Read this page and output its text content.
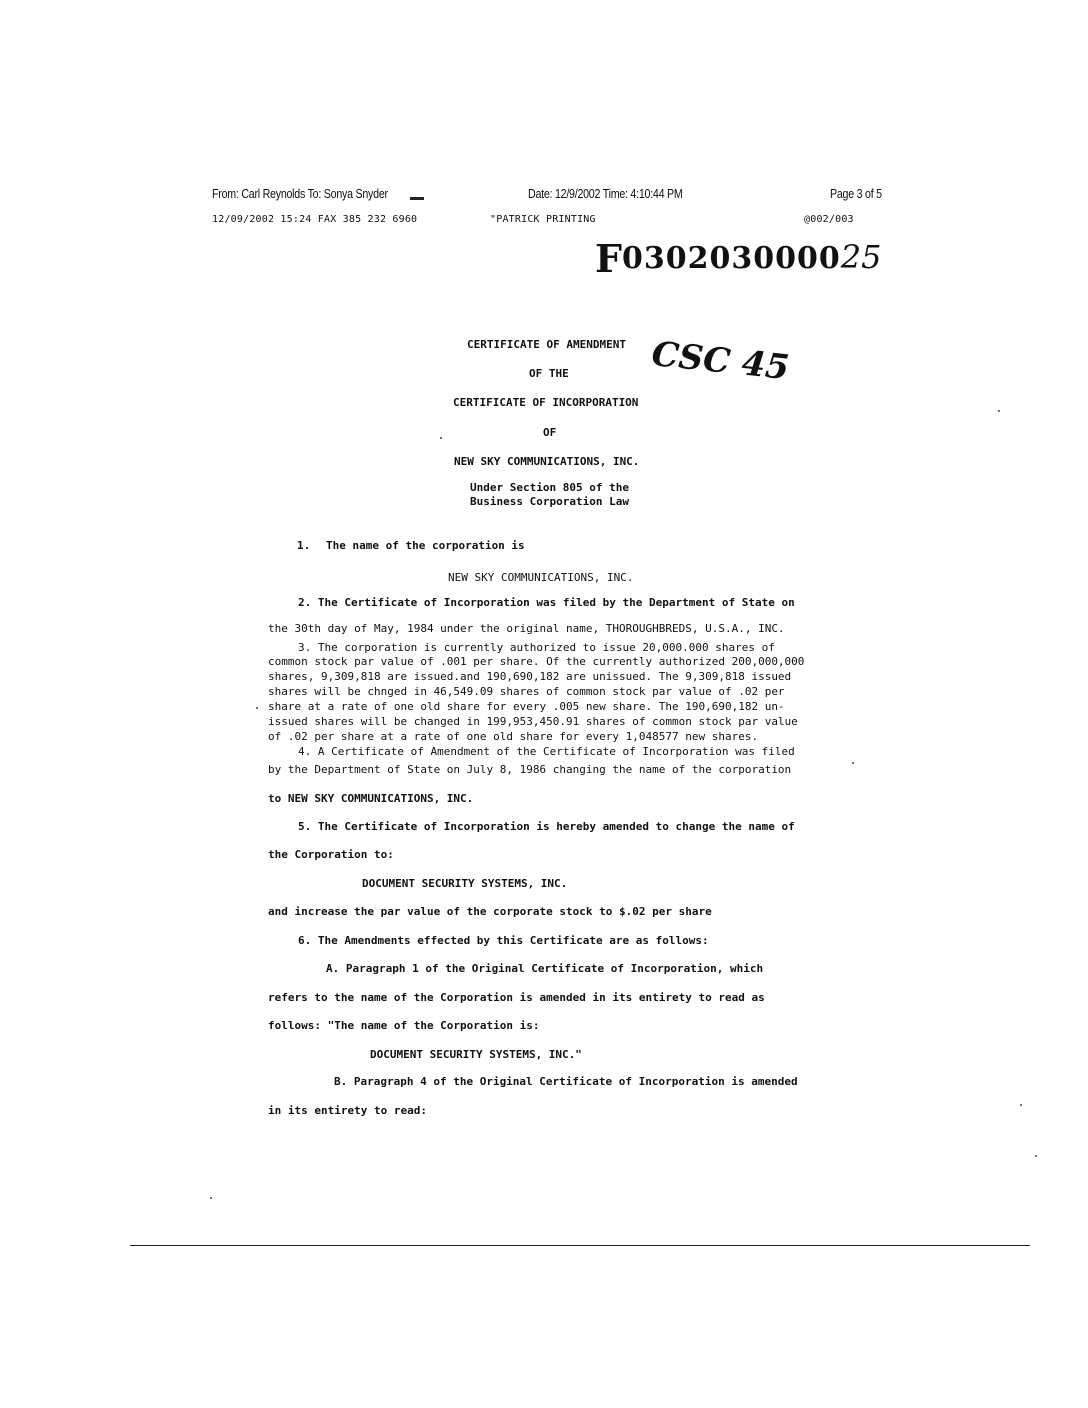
From: Carl Reynolds To: Sonya Snyder	Date: 12/9/2002 Time: 4:10:44 PM	Page 3 of 5
12/09/2002 15:24 FAX 385 232 6960	"PATRICK PRINTING	@002/003
F030203000025
CSC 45
CERTIFICATE OF AMENDMENT
OF THE
CERTIFICATE OF INCORPORATION
OF
NEW SKY COMMUNICATIONS, INC.
Under Section 805 of the
Business Corporation Law
1. The name of the corporation is
NEW SKY COMMUNICATIONS, INC.
2. The Certificate of Incorporation was filed by the Department of State on
the 30th day of May, 1984 under the original name, THOROUGHBREDS, U.S.A., INC.
3. The corporation is currently authorized to issue 20,000.000 shares of
common stock par value of .001 per share. Of the currently authorized 200,000,000
shares, 9,309,818 are issued.and 190,690,182 are unissued. The 9,309,818 issued
shares will be chnged in 46,549.09 shares of common stock par value of .02 per
share at a rate of one old share for every .005 new share. The 190,690,182 un-
issued shares will be changed in 199,953,450.91 shares of common stock par value
of .02 per share at a rate of one old share for every 1,048577 new shares.
4. A Certificate of Amendment of the Certificate of Incorporation was filed
by the Department of State on July 8, 1986 changing the name of the corporation
to NEW SKY COMMUNICATIONS, INC.
5. The Certificate of Incorporation is hereby amended to change the name of
the Corporation to:
DOCUMENT SECURITY SYSTEMS, INC.
and increase the par value of the corporate stock to $.02 per share
6. The Amendments effected by this Certificate are as follows:
A. Paragraph 1 of the Original Certificate of Incorporation, which
refers to the name of the Corporation is amended in its entirety to read as
follows: "The name of the Corporation is:
DOCUMENT SECURITY SYSTEMS, INC."
B. Paragraph 4 of the Original Certificate of Incorporation is amended
in its entirety to read:
